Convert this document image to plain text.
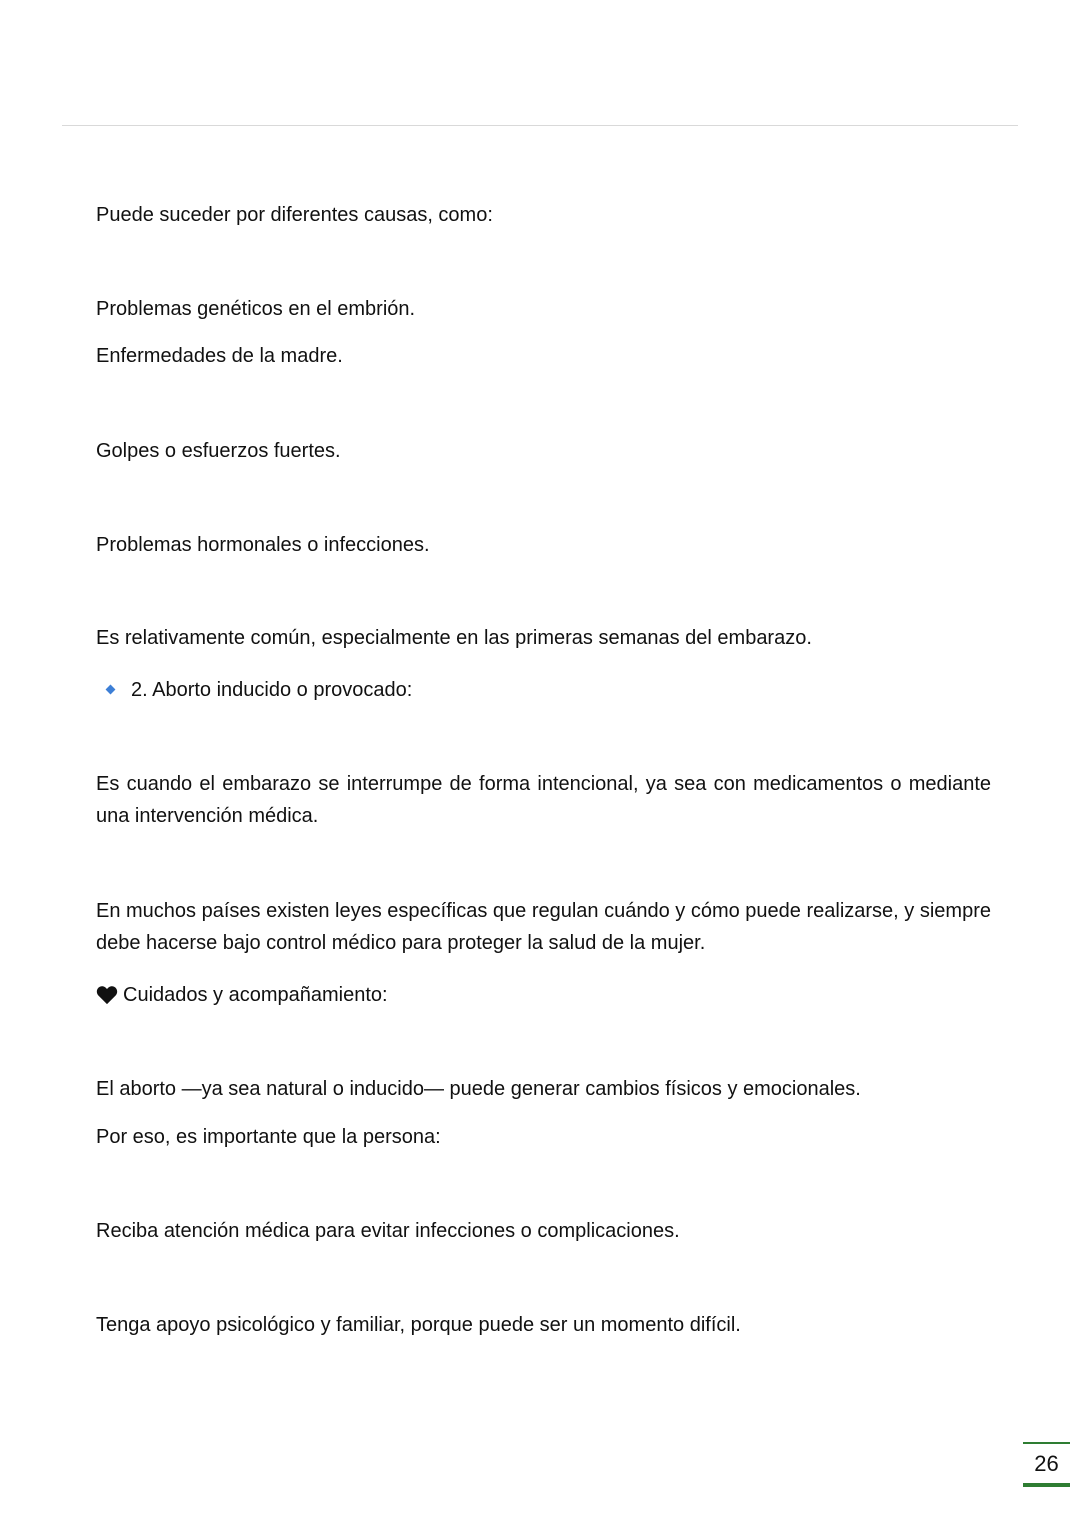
Puede suceder por diferentes causas, como:
Problemas genéticos en el embrión.
Enfermedades de la madre.
Golpes o esfuerzos fuertes.
Problemas hormonales o infecciones.
Es relativamente común, especialmente en las primeras semanas del embarazo.
2. Aborto inducido o provocado:
Es cuando el embarazo se interrumpe de forma intencional, ya sea con medicamentos o mediante una intervención médica.
En muchos países existen leyes específicas que regulan cuándo y cómo puede realizarse, y siempre debe hacerse bajo control médico para proteger la salud de la mujer.
Cuidados y acompañamiento:
El aborto —ya sea natural o inducido— puede generar cambios físicos y emocionales.
Por eso, es importante que la persona:
Reciba atención médica para evitar infecciones o complicaciones.
Tenga apoyo psicológico y familiar, porque puede ser un momento difícil.
26
